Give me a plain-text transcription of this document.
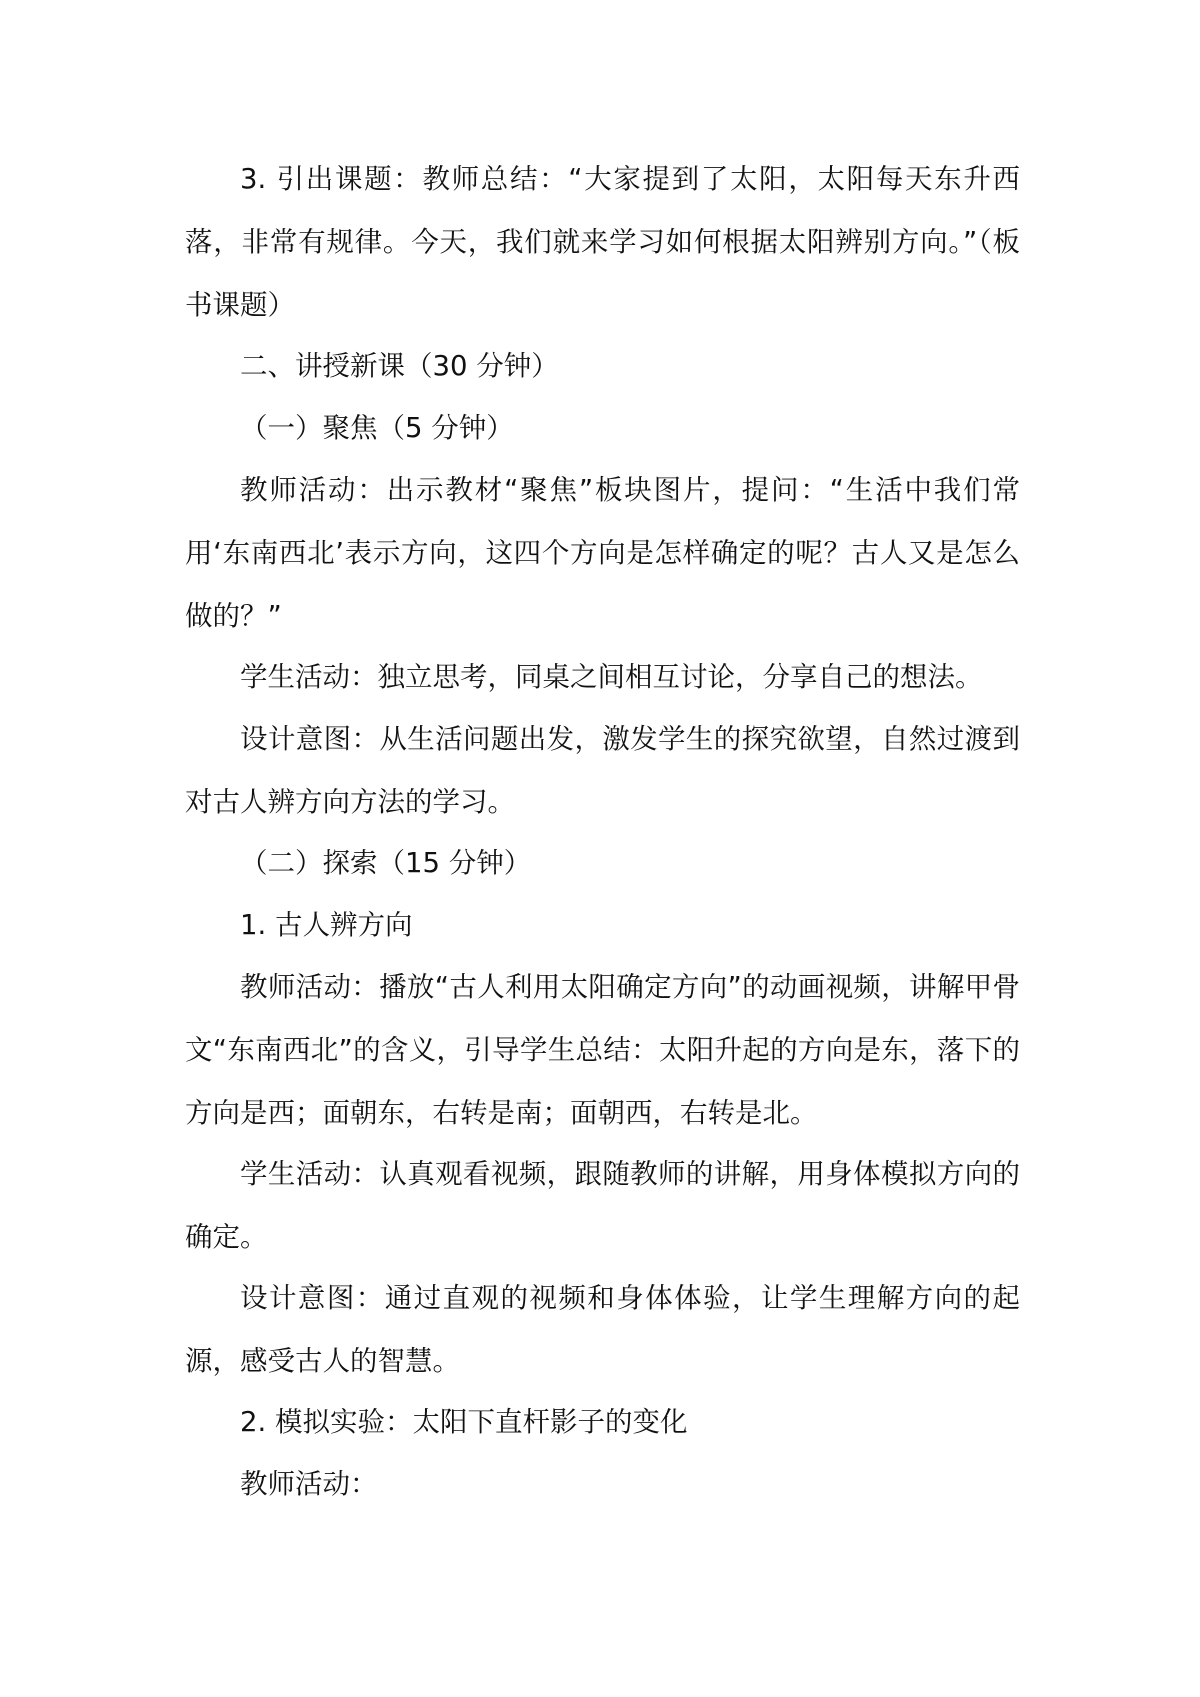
3. 引出课题：教师总结：“大家提到了太阳，太阳每天东升西落，非常有规律。今天，我们就来学习如何根据太阳辨别方向。”（板书课题）

二、讲授新课（30 分钟）

（一）聚焦（5 分钟）

教师活动：出示教材“聚焦”板块图片，提问：“生活中我们常用‘东南西北’表示方向，这四个方向是怎样确定的呢？古人又是怎么做的？”

学生活动：独立思考，同桌之间相互讨论，分享自己的想法。

设计意图：从生活问题出发，激发学生的探究欲望，自然过渡到对古人辨方向方法的学习。

（二）探索（15 分钟）

1. 古人辨方向

教师活动：播放“古人利用太阳确定方向”的动画视频，讲解甲骨文“东南西北”的含义，引导学生总结：太阳升起的方向是东，落下的方向是西；面朝东，右转是南；面朝西，右转是北。

学生活动：认真观看视频，跟随教师的讲解，用身体模拟方向的确定。

设计意图：通过直观的视频和身体体验，让学生理解方向的起源，感受古人的智慧。

2. 模拟实验：太阳下直杆影子的变化

教师活动：
